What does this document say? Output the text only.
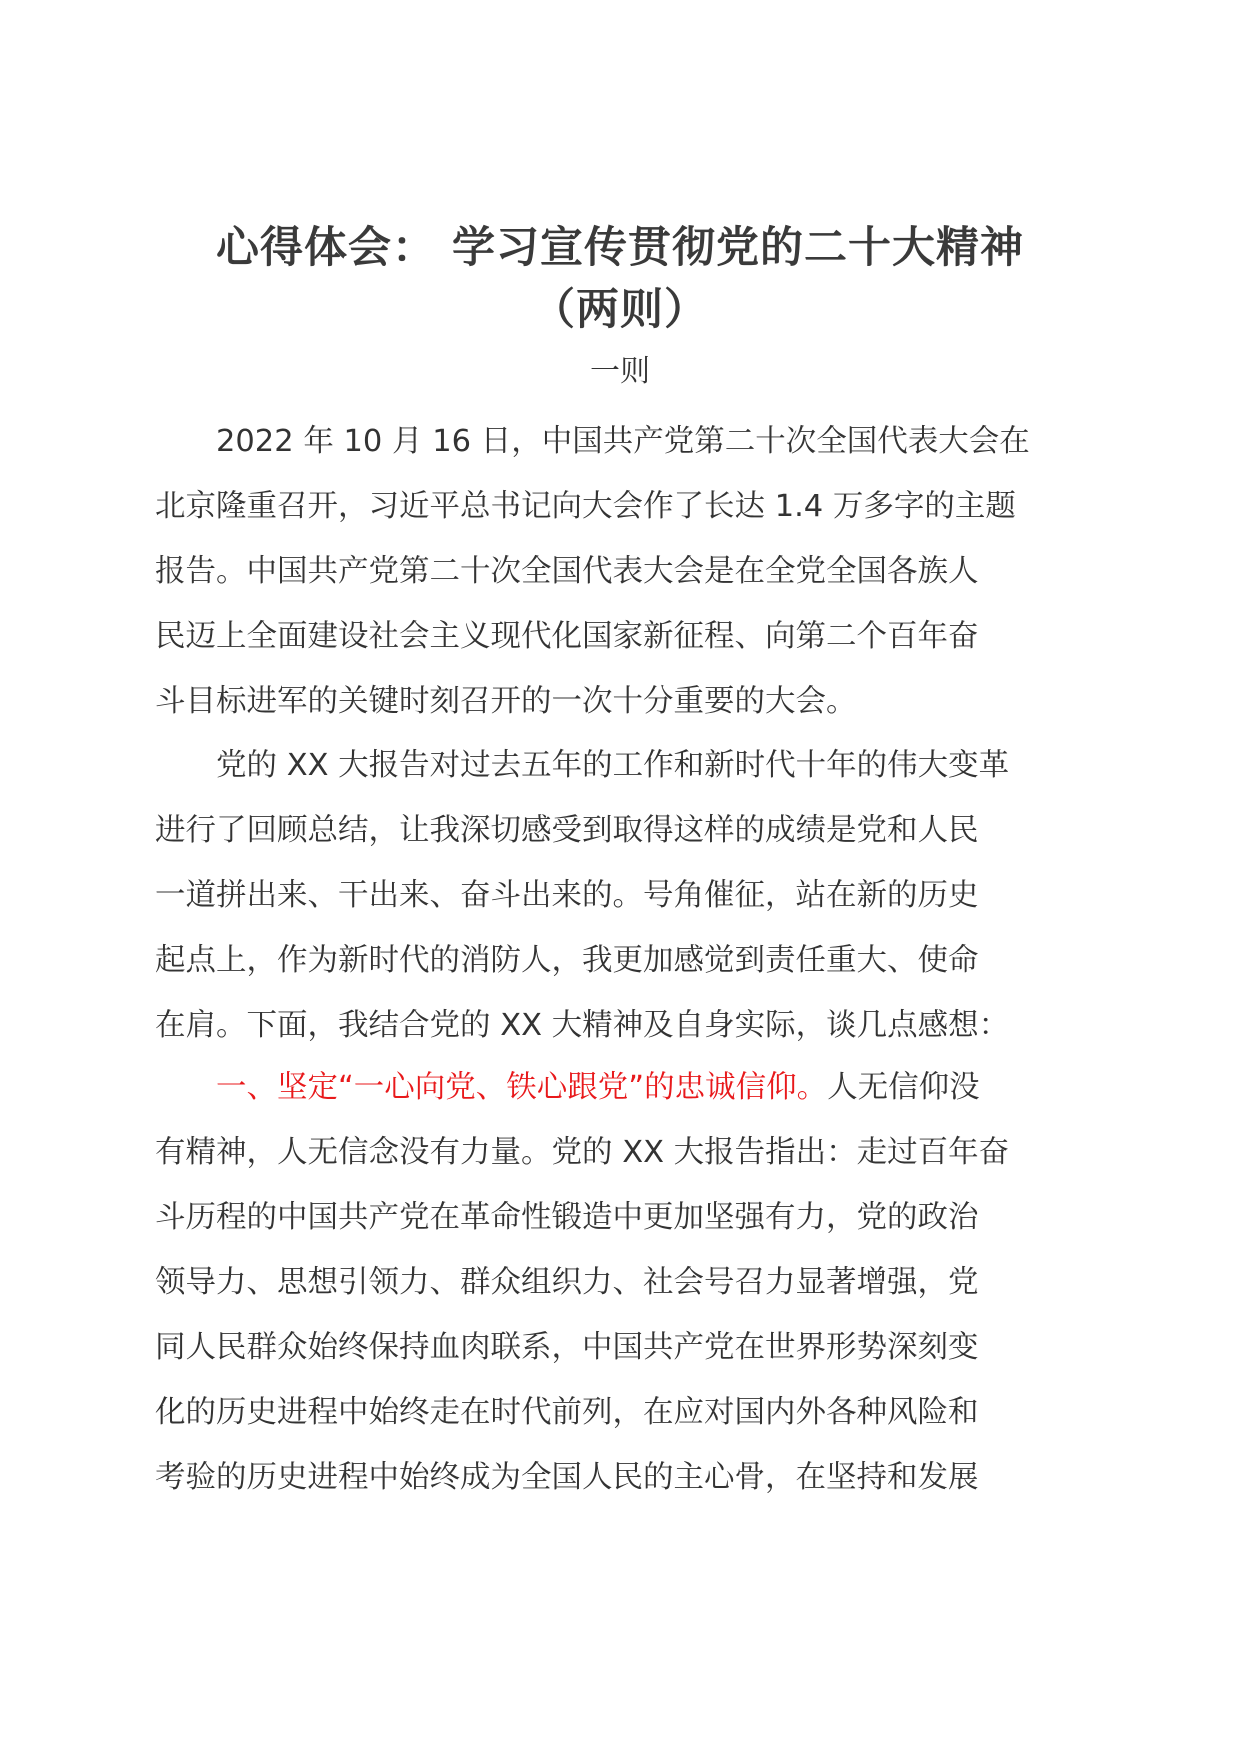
心得体会： 学习宣传贯彻党的二十大精神
（两则）
一则
2022 年 10 月 16 日，中国共产党第二十次全国代表大会在
北京隆重召开，习近平总书记向大会作了长达 1.4 万多字的主题
报告。中国共产党第二十次全国代表大会是在全党全国各族人
民迈上全面建设社会主义现代化国家新征程、向第二个百年奋
斗目标进军的关键时刻召开的一次十分重要的大会。
党的 XX 大报告对过去五年的工作和新时代十年的伟大变革
进行了回顾总结，让我深切感受到取得这样的成绩是党和人民
一道拼出来、干出来、奋斗出来的。号角催征，站在新的历史
起点上，作为新时代的消防人，我更加感觉到责任重大、使命
在肩。下面，我结合党的 XX 大精神及自身实际，谈几点感想：
一、坚定“一心向党、铁心跟党”的忠诚信仰。人无信仰没
有精神，人无信念没有力量。党的 XX 大报告指出：走过百年奋
斗历程的中国共产党在革命性锻造中更加坚强有力，党的政治
领导力、思想引领力、群众组织力、社会号召力显著增强，党
同人民群众始终保持血肉联系，中国共产党在世界形势深刻变
化的历史进程中始终走在时代前列，在应对国内外各种风险和
考验的历史进程中始终成为全国人民的主心骨，在坚持和发展
